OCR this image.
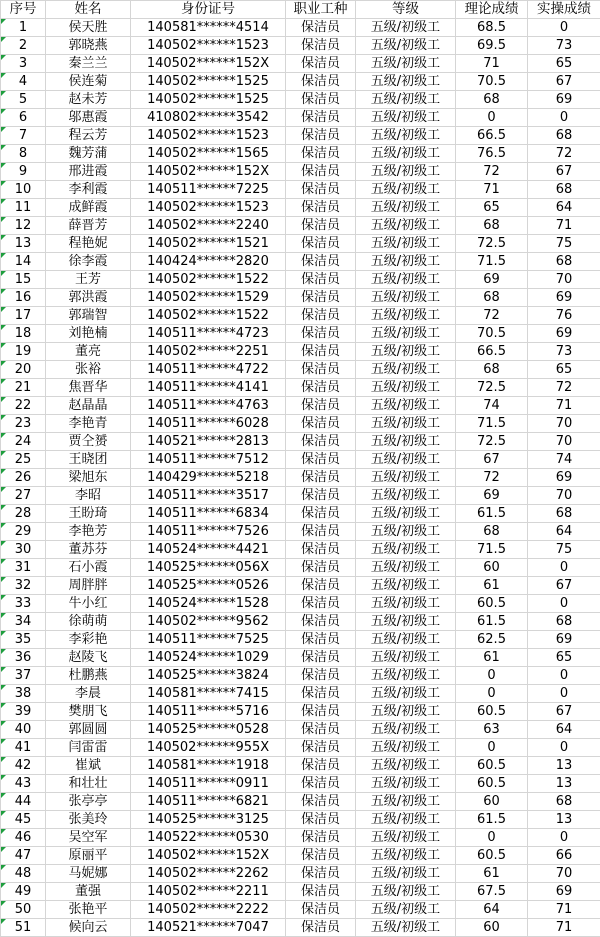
序号	姓名	身份证号	职业工种	等级	理论成绩	实操成绩

1	侯天胜	140581******4514	保洁员	五级/初级工	68.5	0

2	郭晓燕	140502******1523	保洁员	五级/初级工	69.5	73

3	秦兰兰	140502******152X	保洁员	五级/初级工	71	65

4	侯连菊	140502******1525	保洁员	五级/初级工	70.5	67

5	赵未芳	140502******1525	保洁员	五级/初级工	68	69

6	邬惠霞	410802******3542	保洁员	五级/初级工	0	0

7	程云芳	140502******1523	保洁员	五级/初级工	66.5	68

8	魏芳蒲	140502******1565	保洁员	五级/初级工	76.5	72

9	邢进霞	140502******152X	保洁员	五级/初级工	72	67

10	李利霞	140511******7225	保洁员	五级/初级工	71	68

11	成鲜霞	140502******1523	保洁员	五级/初级工	65	64

12	薛晋芳	140502******2240	保洁员	五级/初级工	68	71

13	程艳妮	140502******1521	保洁员	五级/初级工	72.5	75

14	徐李霞	140424******2820	保洁员	五级/初级工	71.5	68

15	王芳	140502******1522	保洁员	五级/初级工	69	70

16	郭洪霞	140502******1529	保洁员	五级/初级工	68	69

17	郭瑞智	140502******1522	保洁员	五级/初级工	72	76

18	刘艳楠	140511******4723	保洁员	五级/初级工	70.5	69

19	董亮	140502******2251	保洁员	五级/初级工	66.5	73

20	张裕	140511******4722	保洁员	五级/初级工	68	65

21	焦晋华	140511******4141	保洁员	五级/初级工	72.5	72

22	赵晶晶	140511******4763	保洁员	五级/初级工	74	71

23	李艳青	140511******6028	保洁员	五级/初级工	71.5	70

24	贾仝赟	140521******2813	保洁员	五级/初级工	72.5	70

25	王晓团	140511******7512	保洁员	五级/初级工	67	74

26	梁旭东	140429******5218	保洁员	五级/初级工	72	69

27	李昭	140511******3517	保洁员	五级/初级工	69	70

28	王盼琦	140511******6834	保洁员	五级/初级工	61.5	68

29	李艳芳	140511******7526	保洁员	五级/初级工	68	64

30	董苏芬	140524******4421	保洁员	五级/初级工	71.5	75

31	石小霞	140525******056X	保洁员	五级/初级工	60	0

32	周胖胖	140525******0526	保洁员	五级/初级工	61	67

33	牛小红	140524******1528	保洁员	五级/初级工	60.5	0

34	徐萌萌	140502******9562	保洁员	五级/初级工	61.5	68

35	李彩艳	140511******7525	保洁员	五级/初级工	62.5	69

36	赵陵飞	140524******1029	保洁员	五级/初级工	61	65

37	杜鹏燕	140525******3824	保洁员	五级/初级工	0	0

38	李晨	140581******7415	保洁员	五级/初级工	0	0

39	樊朋飞	140511******5716	保洁员	五级/初级工	60.5	67

40	郭圆圆	140525******0528	保洁员	五级/初级工	63	64

41	闫雷雷	140502******955X	保洁员	五级/初级工	0	0

42	崔斌	140581******1918	保洁员	五级/初级工	60.5	13

43	和壮壮	140511******0911	保洁员	五级/初级工	60.5	13

44	张亭亭	140511******6821	保洁员	五级/初级工	60	68

45	张美玲	140525******3125	保洁员	五级/初级工	61.5	13

46	吴空军	140522******0530	保洁员	五级/初级工	0	0

47	原丽平	140502******152X	保洁员	五级/初级工	60.5	66

48	马妮娜	140502******2262	保洁员	五级/初级工	61	70

49	董强	140502******2211	保洁员	五级/初级工	67.5	69

50	张艳平	140502******2222	保洁员	五级/初级工	64	71

51	候向云	140521******7047	保洁员	五级/初级工	60	71
